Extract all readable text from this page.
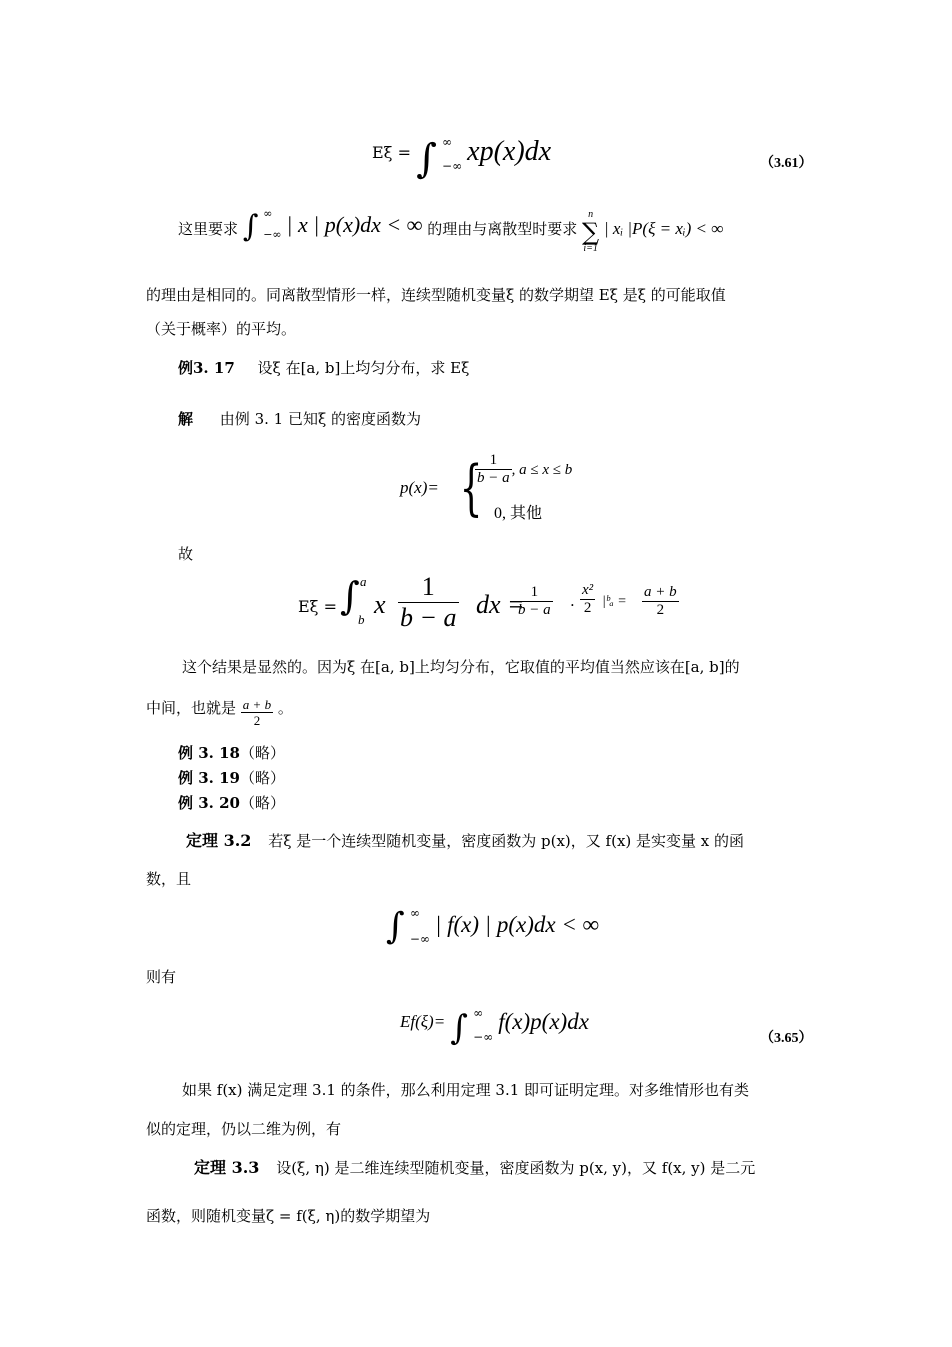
Eξ = ∫ ∞
−∞ xp(x)dx	（3.61）
这里要求 ∫ ∞
−∞ | x | p(x)dx < ∞ 的理由与离散型时要求
n
∑
i=1
| xᵢ |P(ξ = xᵢ) < ∞
的理由是相同的。同离散型情形一样，连续型随机变量ξ 的数学期望 Eξ 是ξ 的可能取值
（关于概率）的平均。
例3. 17 设ξ 在[a, b]上均匀分布，求 Eξ
解 由例 3. 1 已知ξ 的密度函数为
p(x)= {
$\frac{1}{b - a}$ , a ≤ x ≤ b
0, 其他
故
Eξ = ∫ a
b
x $\frac{1}{b - a}$ dx =
$\frac{1}{b - a} \cdot \frac{\text{x²}}{2}$ |ᵇₐ = $\frac{a + b}{2}$
这个结果是显然的。因为ξ 在[a, b]上均匀分布，它取值的平均值当然应该在[a, b]的
中间，也就是 $\frac{a + b}{2}$ 。
例 3. 18（略）
例 3. 19（略）
例 3. 20（略）
定理 3.2 若ξ 是一个连续型随机变量，密度函数为 p(x)，又 f(x) 是实变量 x 的函
数，且
∫ ∞
−∞
| f(x) | p(x)dx < ∞
则有
Ef(ξ)= ∫ ∞
−∞
f(x)p(x)dx
（3.65）
如果 f(x) 满足定理 3.1 的条件，那么利用定理 3.1 即可证明定理。对多维情形也有类
似的定理，仍以二维为例，有
定理 3.3 设(ξ, η) 是二维连续型随机变量，密度函数为 p(x, y)，又 f(x, y) 是二元
函数，则随机变量ζ = f(ξ, η)的数学期望为
